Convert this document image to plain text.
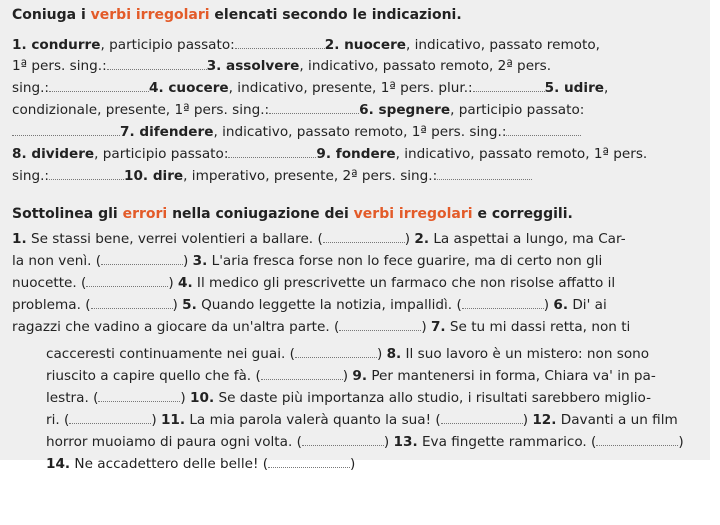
Coniuga i verbi irregolari elencati secondo le indicazioni.
1. condurre, participio passato:	2. nuocere, indicativo, passato remoto,
1ª pers. sing.:	3. assolvere, indicativo, passato remoto, 2ª pers.
sing.:	4. cuocere, indicativo, presente, 1ª pers. plur.:	5. udire,
condizionale, presente, 1ª pers. sing.:	6. spegnere, participio passato:
7. difendere, indicativo, passato remoto, 1ª pers. sing.:
8. dividere, participio passato:	9. fondere, indicativo, passato remoto, 1ª pers.
sing.:	10. dire, imperativo, presente, 2ª pers. sing.:
Sottolinea gli errori nella coniugazione dei verbi irregolari e correggili.
1. Se stassi bene, verrei volentieri a ballare. (	) 2. La aspettai a lungo, ma Car-
la non venì. (	) 3. L'aria fresca forse non lo fece guarire, ma di certo non gli
nuocette. (	) 4. Il medico gli prescrivette un farmaco che non risolse affatto il
problema. (	) 5. Quando leggette la notizia, impallidì. (	) 6. Di' ai
ragazzi che vadino a giocare da un'altra parte. (	) 7. Se tu mi dassi retta, non ti
cacceresti continuamente nei guai. (	) 8. Il suo lavoro è un mistero: non sono
riuscito a capire quello che fà. (	) 9. Per mantenersi in forma, Chiara va' in pa-
lestra. (	) 10. Se daste più importanza allo studio, i risultati sarebbero miglio-
ri. (	) 11. La mia parola valerà quanto la sua! (	) 12. Davanti a un film
horror muoiamo di paura ogni volta. (	) 13. Eva fingette rammarico. (	)
14. Ne accadettero delle belle! (	)
